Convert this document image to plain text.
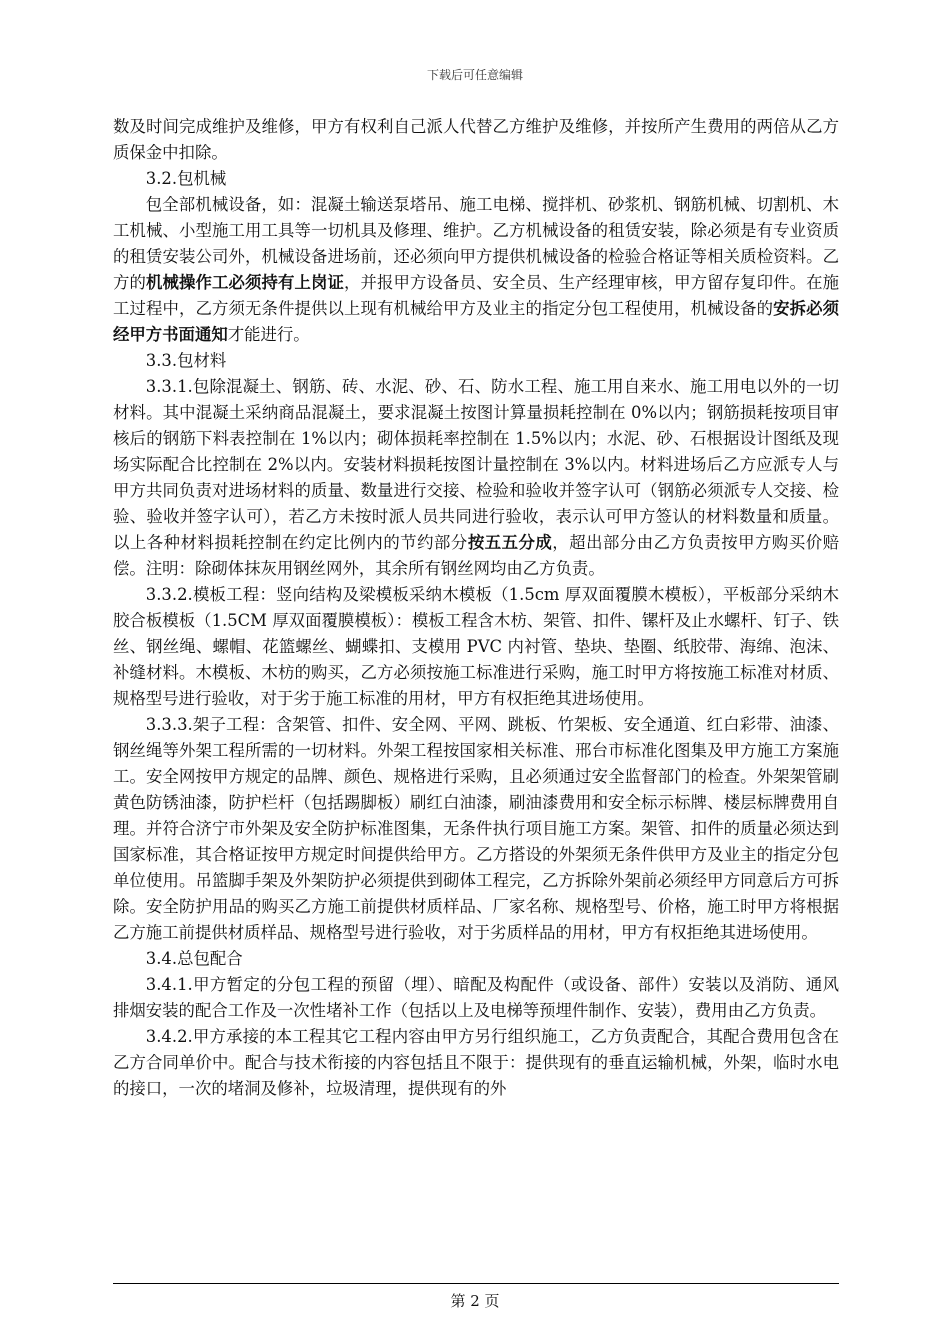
下载后可任意编辑

数及时间完成维护及维修，甲方有权利自己派人代替乙方维护及维修，并按所产生费用的两倍从乙方质保金中扣除。

3.2.包机械

包全部机械设备，如：混凝土输送泵塔吊、施工电梯、搅拌机、砂浆机、钢筋机械、切割机、木工机械、小型施工用工具等一切机具及修理、维护。乙方机械设备的租赁安装，除必须是有专业资质的租赁安装公司外，机械设备进场前，还必须向甲方提供机械设备的检验合格证等相关质检资料。乙方的机械操作工必须持有上岗证，并报甲方设备员、安全员、生产经理审核，甲方留存复印件。在施工过程中，乙方须无条件提供以上现有机械给甲方及业主的指定分包工程使用，机械设备的安拆必须经甲方书面通知才能进行。

3.3.包材料

3.3.1.包除混凝土、钢筋、砖、水泥、砂、石、防水工程、施工用自来水、施工用电以外的一切材料。其中混凝土采纳商品混凝土，要求混凝土按图计算量损耗控制在 0%以内；钢筋损耗按项目审核后的钢筋下料表控制在 1%以内；砌体损耗率控制在 1.5%以内；水泥、砂、石根据设计图纸及现场实际配合比控制在 2%以内。安装材料损耗按图计量控制在 3%以内。材料进场后乙方应派专人与甲方共同负责对进场材料的质量、数量进行交接、检验和验收并签字认可（钢筋必须派专人交接、检验、验收并签字认可），若乙方未按时派人员共同进行验收，表示认可甲方签认的材料数量和质量。以上各种材料损耗控制在约定比例内的节约部分按五五分成，超出部分由乙方负责按甲方购买价赔偿。注明：除砌体抹灰用钢丝网外，其余所有钢丝网均由乙方负责。

3.3.2.模板工程：竖向结构及梁模板采纳木模板（1.5cm 厚双面覆膜木模板），平板部分采纳木胶合板模板（1.5CM 厚双面覆膜模板）：模板工程含木枋、架管、扣件、镙杆及止水螺杆、钉子、铁丝、钢丝绳、螺帽、花篮螺丝、蝴蝶扣、支模用 PVC 内衬管、垫块、垫圈、纸胶带、海绵、泡沫、补缝材料。木模板、木枋的购买，乙方必须按施工标准进行采购，施工时甲方将按施工标准对材质、规格型号进行验收，对于劣于施工标准的用材，甲方有权拒绝其进场使用。

3.3.3.架子工程：含架管、扣件、安全网、平网、跳板、竹架板、安全通道、红白彩带、油漆、钢丝绳等外架工程所需的一切材料。外架工程按国家相关标准、邢台市标准化图集及甲方施工方案施工。安全网按甲方规定的品牌、颜色、规格进行采购，且必须通过安全监督部门的检查。外架架管刷黄色防锈油漆，防护栏杆（包括踢脚板）刷红白油漆，刷油漆费用和安全标示标牌、楼层标牌费用自理。并符合济宁市外架及安全防护标准图集，无条件执行项目施工方案。架管、扣件的质量必须达到国家标准，其合格证按甲方规定时间提供给甲方。乙方搭设的外架须无条件供甲方及业主的指定分包单位使用。吊篮脚手架及外架防护必须提供到砌体工程完，乙方拆除外架前必须经甲方同意后方可拆除。安全防护用品的购买乙方施工前提供材质样品、厂家名称、规格型号、价格，施工时甲方将根据乙方施工前提供材质样品、规格型号进行验收，对于劣质样品的用材，甲方有权拒绝其进场使用。

3.4.总包配合

3.4.1.甲方暂定的分包工程的预留（埋）、暗配及构配件（或设备、部件）安装以及消防、通风排烟安装的配合工作及一次性堵补工作（包括以上及电梯等预埋件制作、安装），费用由乙方负责。

3.4.2.甲方承接的本工程其它工程内容由甲方另行组织施工，乙方负责配合，其配合费用包含在乙方合同单价中。配合与技术衔接的内容包括且不限于：提供现有的垂直运输机械，外架，临时水电的接口，一次的堵洞及修补，垃圾清理，提供现有的外

第 2 页
